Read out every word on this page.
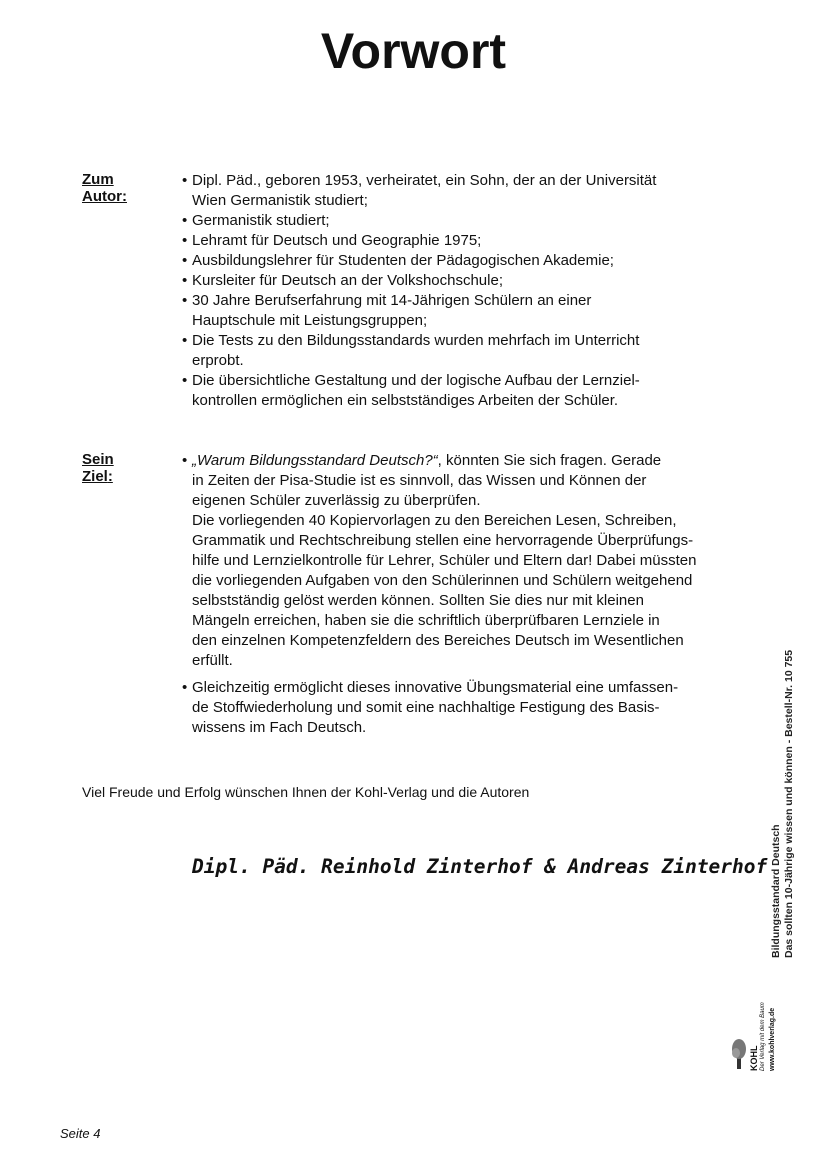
Vorwort
Zum Autor:
• Dipl. Päd., geboren 1953, verheiratet, ein Sohn, der an der Universität
Wien Germanistik studiert;
• Germanistik studiert;
• Lehramt für Deutsch und Geographie 1975;
• Ausbildungslehrer für Studenten der Pädagogischen Akademie;
• Kursleiter für Deutsch an der Volkshochschule;
• 30 Jahre Berufserfahrung mit 14-Jährigen Schülern an einer
Hauptschule mit Leistungsgruppen;
• Die Tests zu den Bildungsstandards wurden mehrfach im Unterricht
erprobt.
• Die übersichtliche Gestaltung und der logische Aufbau der Lernziel-
kontrollen ermöglichen ein selbstständiges Arbeiten der Schüler.
Sein Ziel:
• „Warum Bildungsstandard Deutsch?“, könnten Sie sich fragen. Gerade
in Zeiten der Pisa-Studie ist es sinnvoll, das Wissen und Können der
eigenen Schüler zuverlässig zu überprüfen.
Die vorliegenden 40 Kopiervorlagen zu den Bereichen Lesen, Schreiben,
Grammatik und Rechtschreibung stellen eine hervorragende Überprüfungs-
hilfe und Lernzielkontrolle für Lehrer, Schüler und Eltern dar! Dabei müssten
die vorliegenden Aufgaben von den Schülerinnen und Schülern weitgehend
selbstständig gelöst werden können. Sollten Sie dies nur mit kleinen
Mängeln erreichen, haben sie die schriftlich überprüfbaren Lernziele in
den einzelnen Kompetenzfeldern des Bereiches Deutsch im Wesentlichen
erfüllt.
• Gleichzeitig ermöglicht dieses innovative Übungsmaterial eine umfassen-
de Stoffwiederholung und somit eine nachhaltige Festigung des Basis-
wissens im Fach Deutsch.
Viel Freude und Erfolg wünschen Ihnen der Kohl-Verlag und die Autoren
Dipl. Päd. Reinhold Zinterhof & Andreas Zinterhof Bildungsstandard Deutsch Das sollten 10-Jährige wissen und können - Bestell-Nr. 10 755
KOHL Der Verlag mit dem Baum www.kohlverlag.de
Seite 4
